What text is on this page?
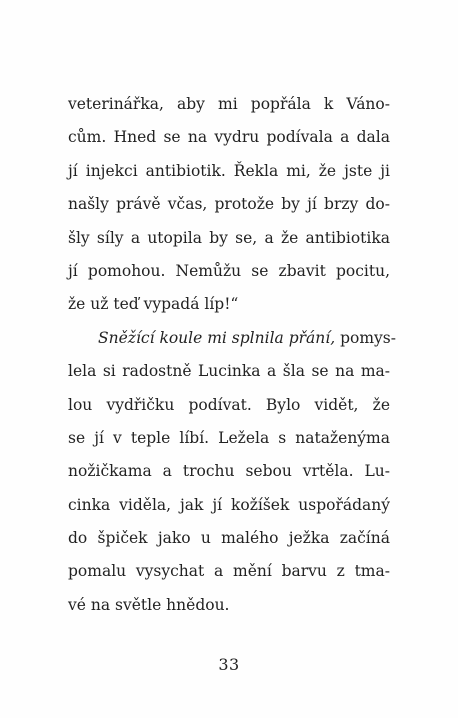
veterinářka, aby mi popřála k Váno-
cům. Hned se na vydru podívala a dala
jí injekci antibiotik. Řekla mi, že jste ji
našly právě včas, protože by jí brzy do-
šly síly a utopila by se, a že antibiotika
jí pomohou. Nemůžu se zbavit pocitu,
že už teď vypadá líp!“
Sněžící koule mi splnila přání, pomys-
lela si radostně Lucinka a šla se na ma-
lou vydřičku podívat. Bylo vidět, že
se jí v teple líbí. Ležela s nataženýma
nožičkama a trochu sebou vrtěla. Lu-
cinka viděla, jak jí kožíšek uspořádaný
do špiček jako u malého ježka začíná
pomalu vysychat a mění barvu z tma-
vé na světle hnědou.
33
